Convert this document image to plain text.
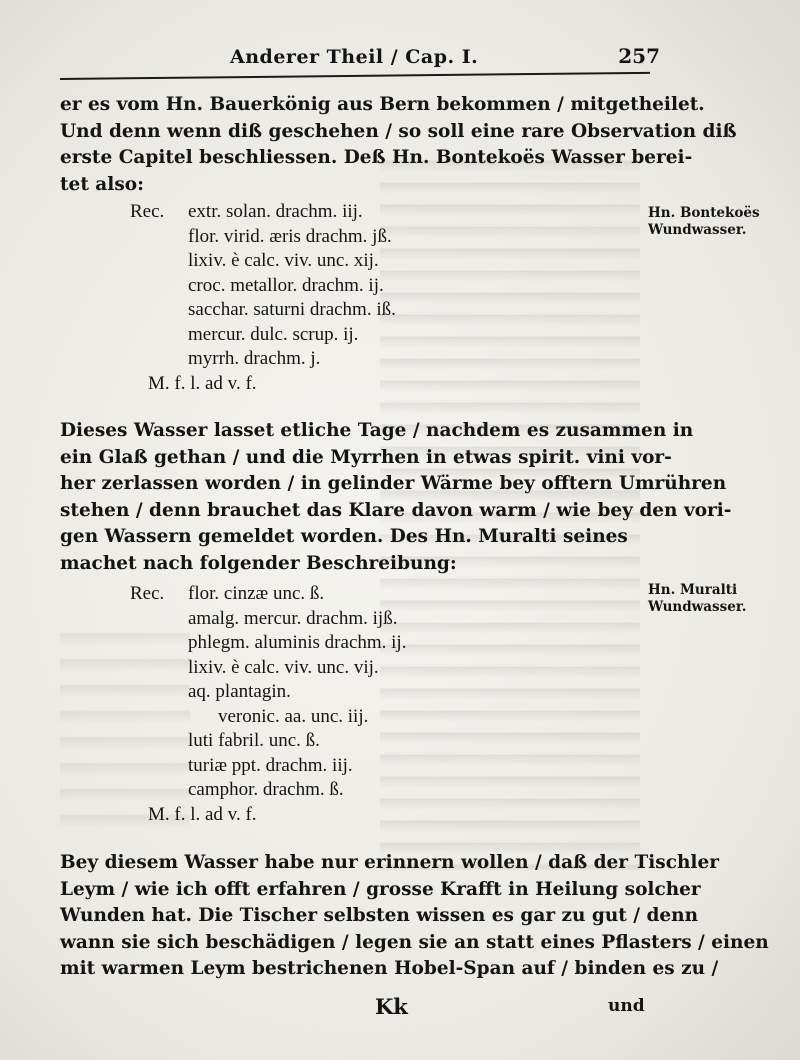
Anderer Theil / Cap. I.	257
er es vom Hn. Bauerkönig aus Bern bekommen / mitgetheilet.
Und denn wenn diß geschehen / so soll eine rare Observation diß
erste Capitel beschliessen. Deß Hn. Bontekoës Wasser berei-
tet also:
Rec. extr. solan. drachm. iij.
flor. virid. æris drachm. jß.
lixiv. è calc. viv. unc. xij.
croc. metallor. drachm. ij.
sacchar. saturni drachm. iß.
mercur. dulc. scrup. ij.
myrrh. drachm. j.
M. f. l. ad v. f.
Hn. Bontekoës
Wundwasser.
Dieses Wasser lasset etliche Tage / nachdem es zusammen in
ein Glaß gethan / und die Myrrhen in etwas spirit. vini vor-
her zerlassen worden / in gelinder Wärme bey offtern Umrühren
stehen / denn brauchet das Klare davon warm / wie bey den vori-
gen Wassern gemeldet worden. Des Hn. Muralti seines
machet nach folgender Beschreibung:
Rec. flor. cinzæ unc. ß.
amalg. mercur. drachm. ijß.
phlegm. aluminis drachm. ij.
lixiv. è calc. viv. unc. vij.
aq. plantagin.
veronic. aa. unc. iij.
luti fabril. unc. ß.
turiæ ppt. drachm. iij.
camphor. drachm. ß.
M. f. l. ad v. f.
Hn. Muralti
Wundwasser.
Bey diesem Wasser habe nur erinnern wollen / daß der Tischler
Leym / wie ich offt erfahren / grosse Krafft in Heilung solcher
Wunden hat. Die Tischer selbsten wissen es gar zu gut / denn
wann sie sich beschädigen / legen sie an statt eines Pflasters / einen
mit warmen Leym bestrichenen Hobel-Span auf / binden es zu /
Kk	und
